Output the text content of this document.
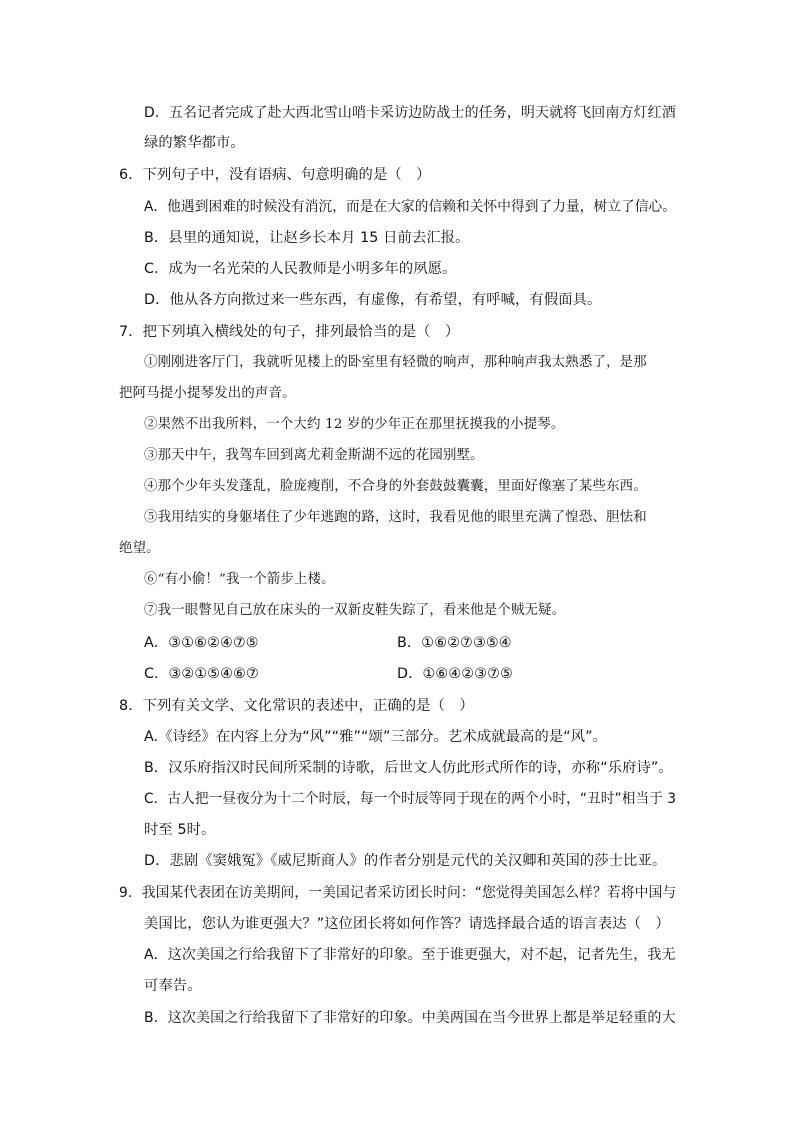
D．五名记者完成了赴大西北雪山哨卡采访边防战士的任务，明天就将飞回南方灯红酒
绿的繁华都市。
6．下列句子中，没有语病、句意明确的是（　）
A．他遇到困难的时候没有消沉，而是在大家的信赖和关怀中得到了力量，树立了信心。
B．县里的通知说，让赵乡长本月 15 日前去汇报。
C．成为一名光荣的人民教师是小明多年的夙愿。
D．他从各方向揿过来一些东西，有虚像，有希望，有呼喊，有假面具。
7．把下列填入横线处的句子，排列最恰当的是（　）
①刚刚进客厅门，我就听见楼上的卧室里有轻微的响声，那种响声我太熟悉了，是那
把阿马提小提琴发出的声音。
②果然不出我所料，一个大约 12 岁的少年正在那里抚摸我的小提琴。
③那天中午，我驾车回到离尤莉金斯湖不远的花园别墅。
④那个少年头发蓬乱，脸庞瘦削，不合身的外套鼓鼓囊囊，里面好像塞了某些东西。
⑤我用结实的身躯堵住了少年逃跑的路，这时，我看见他的眼里充满了惶恐、胆怯和
绝望。
⑥“有小偷！”我一个箭步上楼。
⑦我一眼瞥见自己放在床头的一双新皮鞋失踪了，看来他是个贼无疑。
A．③①⑥②④⑦⑤	B．①⑥②⑦③⑤④
C．③②①⑤④⑥⑦	D．①⑥④②③⑦⑤
8．下列有关文学、文化常识的表述中，正确的是（　）
A.《诗经》在内容上分为“风”“雅”“颂”三部分。艺术成就最高的是“风”。
B．汉乐府指汉时民间所采制的诗歌，后世文人仿此形式所作的诗，亦称“乐府诗”。
C．古人把一昼夜分为十二个时辰，每一个时辰等同于现在的两个小时，“丑时”相当于 3
时至 5时。
D．悲剧《窦娥冤》《威尼斯商人》的作者分别是元代的关汉卿和英国的莎士比亚。
9．我国某代表团在访美期间，一美国记者采访团长时问：“您觉得美国怎么样？若将中国与
美国比，您认为谁更强大？”这位团长将如何作答？请选择最合适的语言表达（　）
A．这次美国之行给我留下了非常好的印象。至于谁更强大，对不起，记者先生，我无
可奉告。
B．这次美国之行给我留下了非常好的印象。中美两国在当今世界上都是举足轻重的大
